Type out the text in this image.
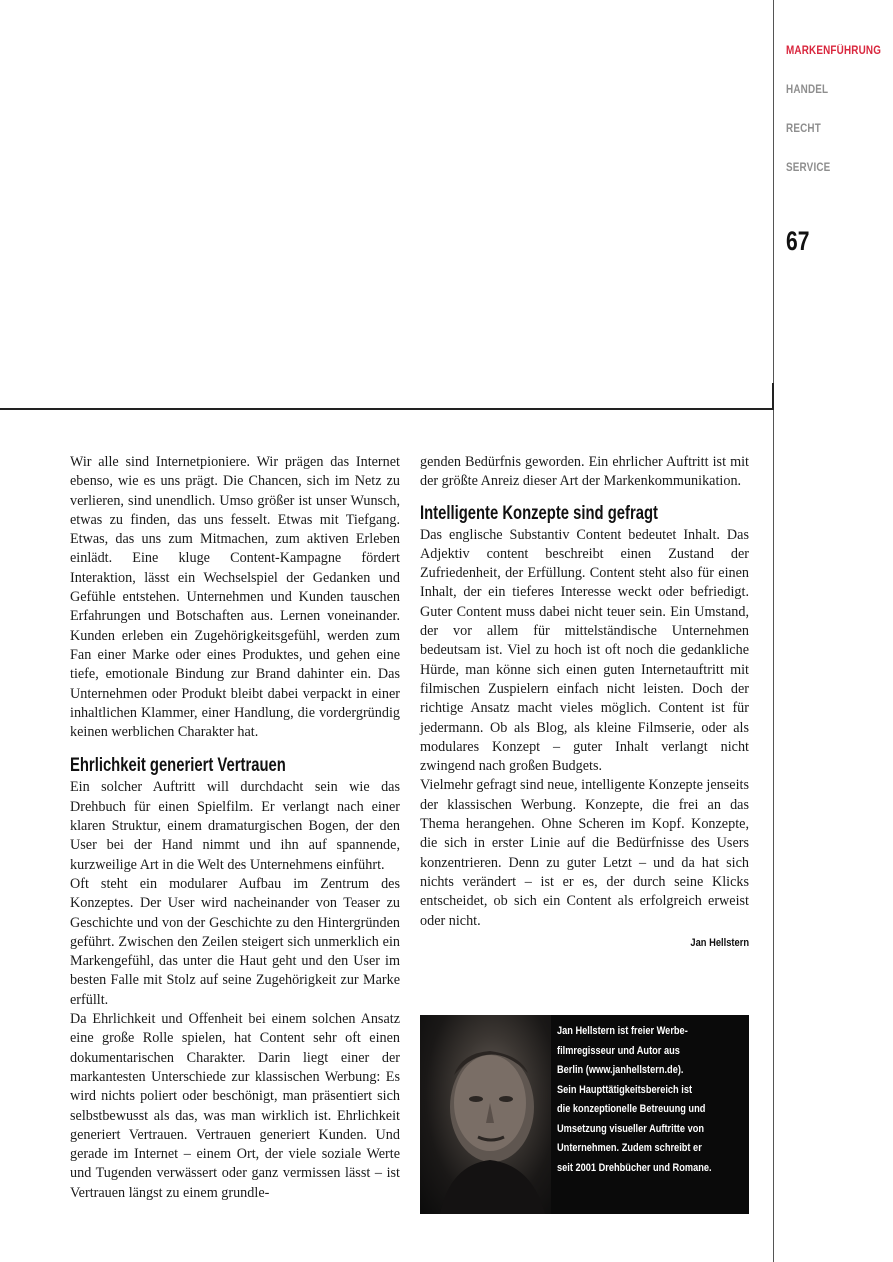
MARKENFÜHRUNG
HANDEL
RECHT
SERVICE
67

Wir alle sind Internetpioniere. Wir prägen das Internet ebenso, wie es uns prägt. Die Chancen, sich im Netz zu verlieren, sind unendlich. Umso größer ist unser Wunsch, etwas zu finden, das uns fesselt. Etwas mit Tiefgang. Etwas, das uns zum Mitmachen, zum aktiven Erleben einlädt. Eine kluge Content-Kampagne fördert Interaktion, lässt ein Wechselspiel der Gedanken und Gefühle entstehen. Unternehmen und Kunden tauschen Erfahrungen und Botschaften aus. Lernen voneinander. Kunden erleben ein Zugehörigkeitsgefühl, werden zum Fan einer Marke oder eines Produktes, und gehen eine tiefe, emotionale Bindung zur Brand dahinter ein. Das Unternehmen oder Produkt bleibt dabei verpackt in einer inhaltlichen Klammer, einer Handlung, die vordergründig keinen werblichen Charakter hat.

Ehrlichkeit generiert Vertrauen

Ein solcher Auftritt will durchdacht sein wie das Drehbuch für einen Spielfilm. Er verlangt nach einer klaren Struktur, einem dramaturgischen Bogen, der den User bei der Hand nimmt und ihn auf spannende, kurzweilige Art in die Welt des Unternehmens einführt.

Oft steht ein modularer Aufbau im Zentrum des Konzeptes. Der User wird nacheinander von Teaser zu Geschichte und von der Geschichte zu den Hintergründen geführt. Zwischen den Zeilen steigert sich unmerklich ein Markengefühl, das unter die Haut geht und den User im besten Falle mit Stolz auf seine Zugehörigkeit zur Marke erfüllt.

Da Ehrlichkeit und Offenheit bei einem solchen Ansatz eine große Rolle spielen, hat Content sehr oft einen dokumentarischen Charakter. Darin liegt einer der markantesten Unterschiede zur klassischen Werbung: Es wird nichts poliert oder beschönigt, man präsentiert sich selbstbewusst als das, was man wirklich ist. Ehrlichkeit generiert Vertrauen. Vertrauen generiert Kunden. Und gerade im Internet – einem Ort, der viele soziale Werte und Tugenden verwässert oder ganz vermissen lässt – ist Vertrauen längst zu einem grundle-

genden Bedürfnis geworden. Ein ehrlicher Auftritt ist mit der größte Anreiz dieser Art der Markenkommunikation.

Intelligente Konzepte sind gefragt

Das englische Substantiv Content bedeutet Inhalt. Das Adjektiv content beschreibt einen Zustand der Zufriedenheit, der Erfüllung. Content steht also für einen Inhalt, der ein tieferes Interesse weckt oder befriedigt. Guter Content muss dabei nicht teuer sein. Ein Umstand, der vor allem für mittelständische Unternehmen bedeutsam ist. Viel zu hoch ist oft noch die gedankliche Hürde, man könne sich einen guten Internetauftritt mit filmischen Zuspielern einfach nicht leisten. Doch der richtige Ansatz macht vieles möglich. Content ist für jedermann. Ob als Blog, als kleine Filmserie, oder als modulares Konzept – guter Inhalt verlangt nicht zwingend nach großen Budgets.

Vielmehr gefragt sind neue, intelligente Konzepte jenseits der klassischen Werbung. Konzepte, die frei an das Thema herangehen. Ohne Scheren im Kopf. Konzepte, die sich in erster Linie auf die Bedürfnisse des Users konzentrieren. Denn zu guter Letzt – und da hat sich nichts verändert – ist er es, der durch seine Klicks entscheidet, ob sich ein Content als erfolgreich erweist oder nicht.

Jan Hellstern
Jan Hellstern ist freier Werbe-
filmregisseur und Autor aus
Berlin (www.janhellstern.de).
Sein Haupttätigkeitsbereich ist
die konzeptionelle Betreuung und
Umsetzung visueller Auftritte von
Unternehmen. Zudem schreibt er
seit 2001 Drehbücher und Romane.
